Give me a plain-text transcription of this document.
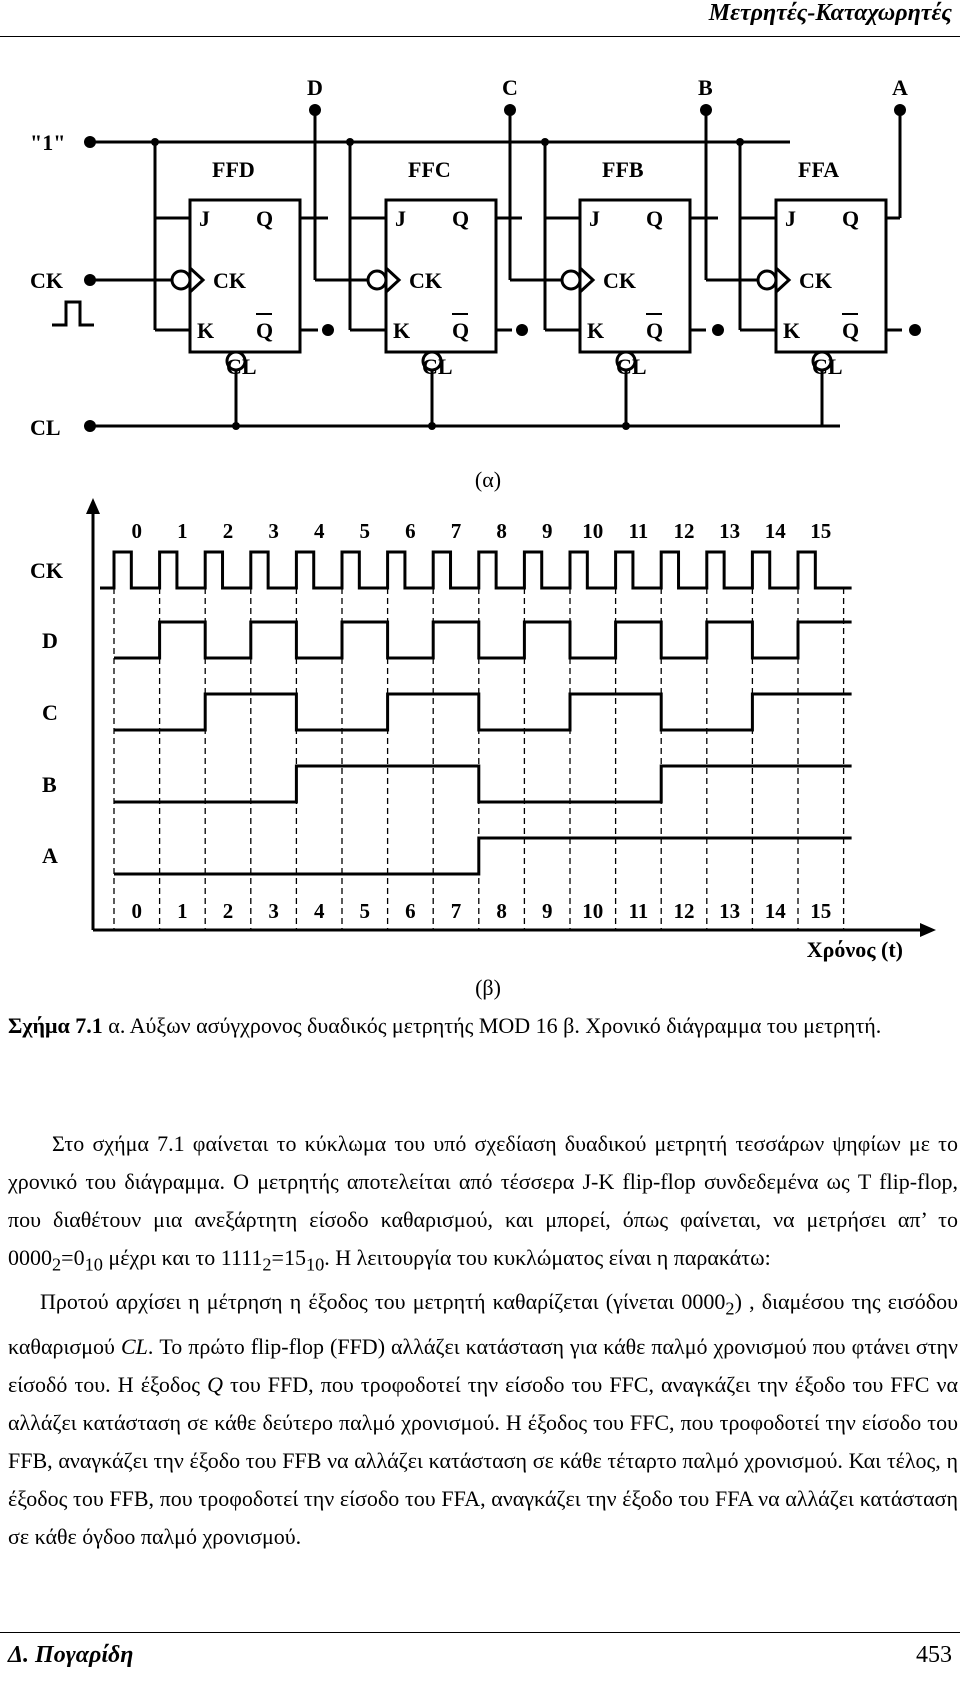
Μετρητές-Καταχωρητές
"1"
CK
CL
D	C	B	A
FFD
J Q
CK
K Q
CL
FFC
J Q
CK
K Q
CL
FFB
J Q
CK
K Q
CL
FFA
J Q
CK
K Q
CL
(α)
0
0
1
1
2
2
3
3
4
4
5
5
6
6
7
7
8
8
9
9
10
10
11
11
12
12
13
13
14
14
15
15
CK
D
C
B
A
Χρόνος (t)
(β)
Σχήμα 7.1 α. Αύξων ασύγχρονος δυαδικός μετρητής MOD 16 β. Χρονικό διάγραμμα του μετρητή.

Στο σχήμα 7.1 φαίνεται το κύκλωμα του υπό σχεδίαση δυαδικού μετρητή τεσσάρων ψηφίων με το χρονικό του διάγραμμα. Ο μετρητής αποτελείται από τέσσερα J-K flip-flop συνδεδεμένα ως T flip-flop, που διαθέτουν μια ανεξάρτητη είσοδο καθαρισμού, και μπορεί, όπως φαίνεται, να μετρήσει απ’ το $0000_2=0_{10}$ μέχρι και το $1111_2=15_{10}$. Η λειτουργία του κυκλώματος είναι η παρακάτω:

Προτού αρχίσει η μέτρηση η έξοδος του μετρητή καθαρίζεται (γίνεται $0000_2$) , διαμέσου της εισόδου καθαρισμού CL. Το πρώτο flip-flop (FFD) αλλάζει κατάσταση για κάθε παλμό χρονισμού που φτάνει στην είσοδό του. Η έξοδος Q του FFD, που τροφοδοτεί την είσοδο του FFC, αναγκάζει την έξοδο του FFC να αλλάζει κατάσταση σε κάθε δεύτερο παλμό χρονισμού. Η έξοδος του FFC, που τροφοδοτεί την είσοδο του FFB, αναγκάζει την έξοδο του FFB να αλλάζει κατάσταση σε κάθε τέταρτο παλμό χρονισμού. Και τέλος, η έξοδος του FFB, που τροφοδοτεί την είσοδο του FFA, αναγκάζει την έξοδο του FFA να αλλάζει κατάσταση σε κάθε όγδοο παλμό χρονισμού.

Δ. Πογαρίδη	453
